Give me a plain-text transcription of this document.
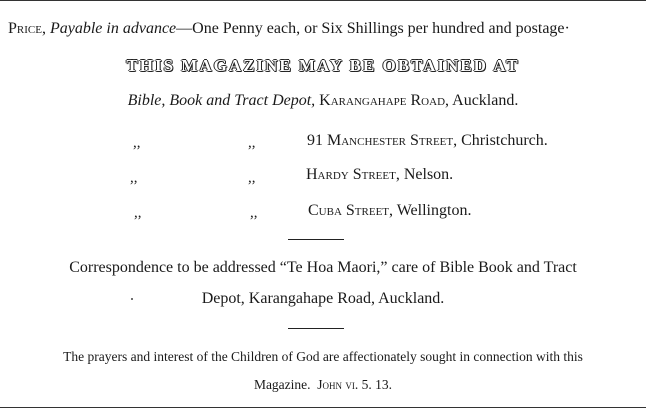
Price, Payable in advance—One Penny each, or Six Shillings per hundred and postage·
THIS MAGAZINE MAY BE OBTAINED AT
Bible, Book and Tract Depot, Karangahape Road, Auckland.
,,	,,	91 Manchester Street, Christchurch.
,,	,,	Hardy Street, Nelson.
,,	,,	Cuba Street, Wellington.
Correspondence to be addressed “Te Hoa Maori,” care of Bible Book and Tract
Depot, Karangahape Road, Auckland.
The prayers and interest of the Children of God are affectionately sought in connection with this
Magazine. John vi. 5. 13.
